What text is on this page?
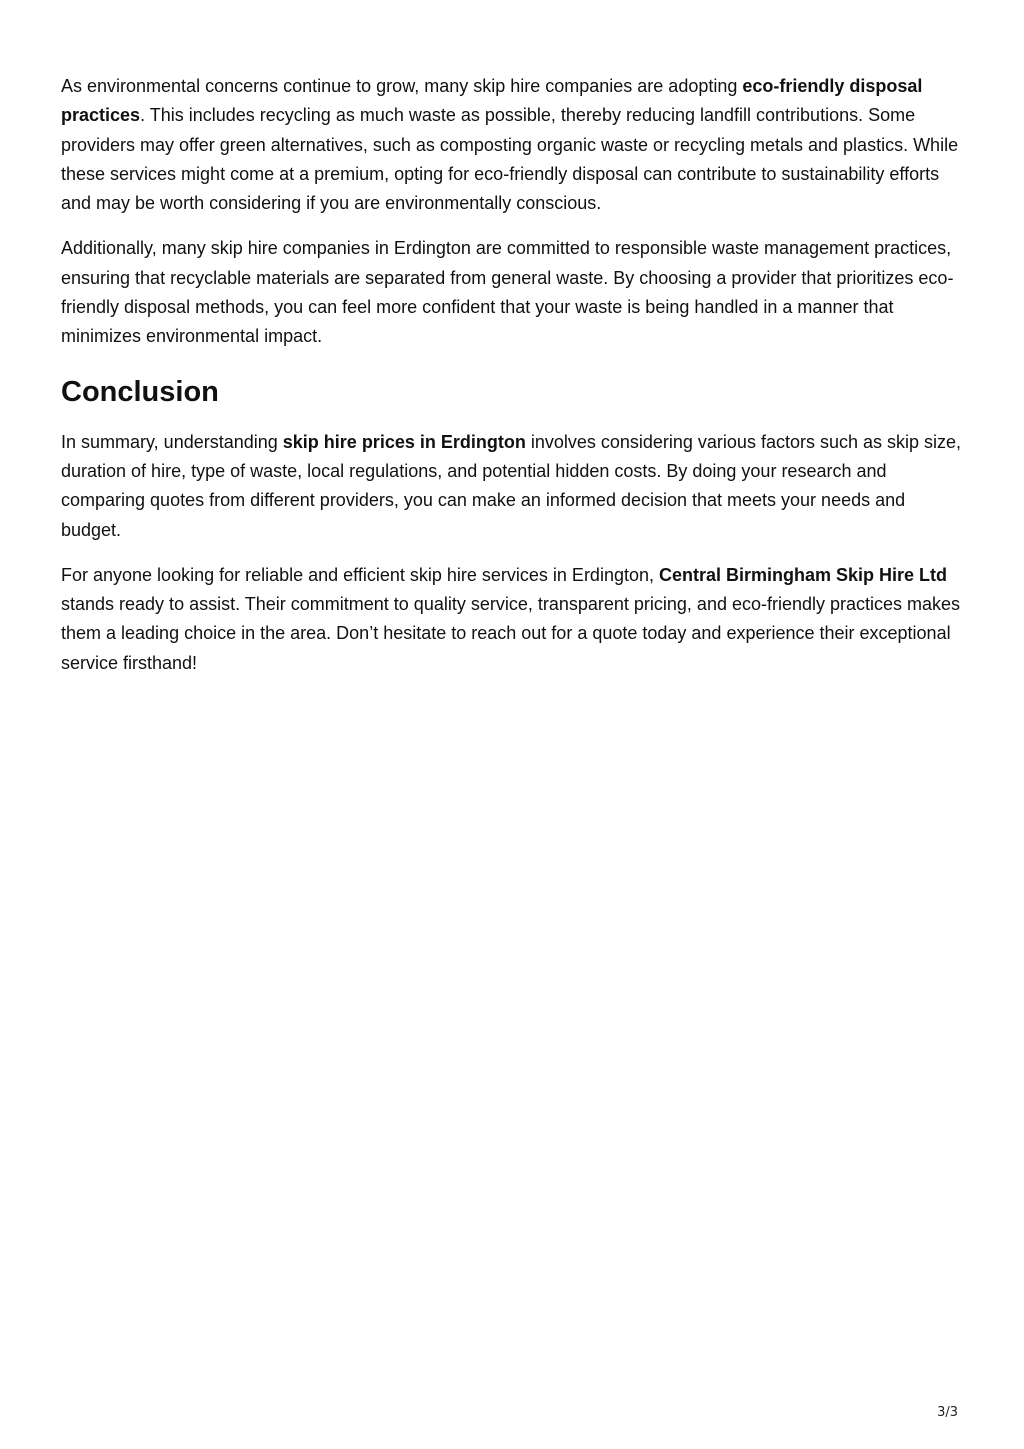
As environmental concerns continue to grow, many skip hire companies are adopting eco-friendly disposal practices. This includes recycling as much waste as possible, thereby reducing landfill contributions. Some providers may offer green alternatives, such as composting organic waste or recycling metals and plastics. While these services might come at a premium, opting for eco-friendly disposal can contribute to sustainability efforts and may be worth considering if you are environmentally conscious.

Additionally, many skip hire companies in Erdington are committed to responsible waste management practices, ensuring that recyclable materials are separated from general waste. By choosing a provider that prioritizes eco-friendly disposal methods, you can feel more confident that your waste is being handled in a manner that minimizes environmental impact.

Conclusion

In summary, understanding skip hire prices in Erdington involves considering various factors such as skip size, duration of hire, type of waste, local regulations, and potential hidden costs. By doing your research and comparing quotes from different providers, you can make an informed decision that meets your needs and budget.

For anyone looking for reliable and efficient skip hire services in Erdington, Central Birmingham Skip Hire Ltd stands ready to assist. Their commitment to quality service, transparent pricing, and eco-friendly practices makes them a leading choice in the area. Don’t hesitate to reach out for a quote today and experience their exceptional service firsthand!

3/3
